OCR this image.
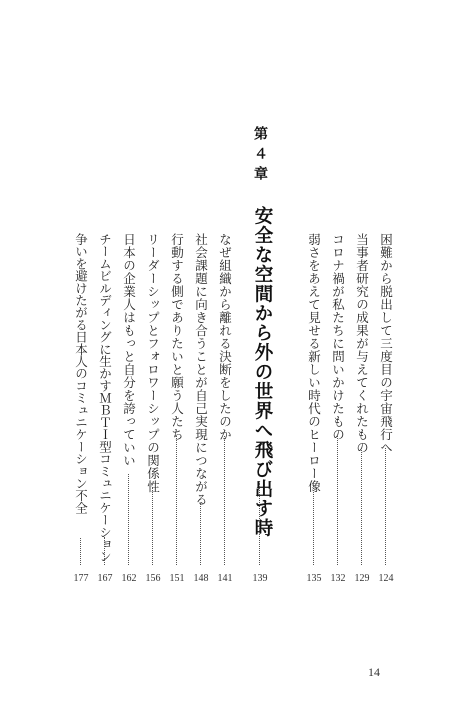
困難から脱出して三度目の宇宙飛行へ
124
当事者研究の成果が与えてくれたもの
129
コロナ禍が私たちに問いかけたもの
132
弱さをあえて見せる新しい時代のヒーロー像
135
第４章
安全な空間から外の世界へ飛び出す時
139
なぜ組織から離れる決断をしたのか
141
社会課題に向き合うことが自己実現につながる
148
行動する側でありたいと願う人たち
151
リーダーシップとフォロワーシップの関係性
156
日本の企業人はもっと自分を誇っていい
162
チームビルディングに生かすＭＢＴＩ型コミュニケーション
167
争いを避けたがる日本人のコミュニケーション不全
177
14
